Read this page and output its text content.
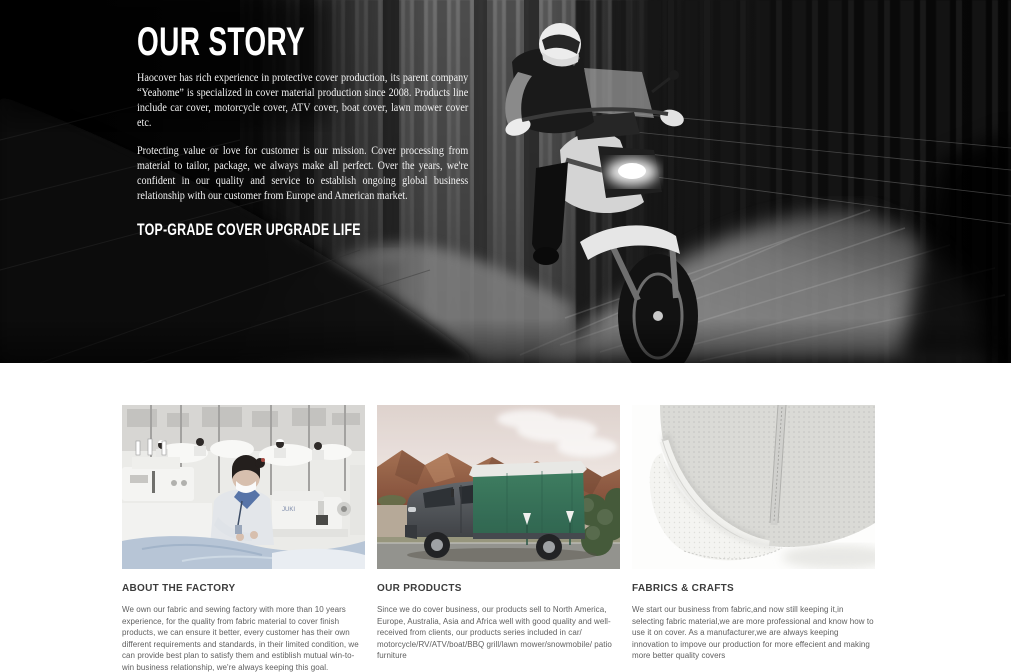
OUR STORY

Haocover has rich experience in protective cover production, its parent company “Yeahome” is specialized in cover material production since 2008. Products line include car cover, motorcycle cover, ATV cover, boat cover, lawn mower cover etc.

Protecting value or love for customer is our mission. Cover processing from material to tailor, package, we always make all perfect. Over the years, we're confident in our quality and service to establish ongoing global business relationship with our customer from Europe and American market.

TOP-GRADE COVER UPGRADE LIFE
JUKI
ABOUT THE FACTORY

We own our fabric and sewing factory with more than 10 years experience, for the quality from fabric material to cover finish products, we can ensure it better, every customer has their own different requirements and standards, in their limited condition, we can provide best plan to satisfy them and estiblish mutual win-to-win business relationship, we're always keeping this goal.

OUR PRODUCTS

Since we do cover business, our products sell to North America, Europe, Australia, Asia and Africa well with good quality and well-received from clients, our products series included in car/ motorcycle/RV/ATV/boat/BBQ grill/lawn mower/snowmobile/ patio furniture

FABRICS & CRAFTS

We start our business from fabric,and now still keeping it,in selecting fabric material,we are more professional and know how to use it on cover. As a manufacturer,we are always keeping innovation to impove our production for more effecient and making more better quality covers
